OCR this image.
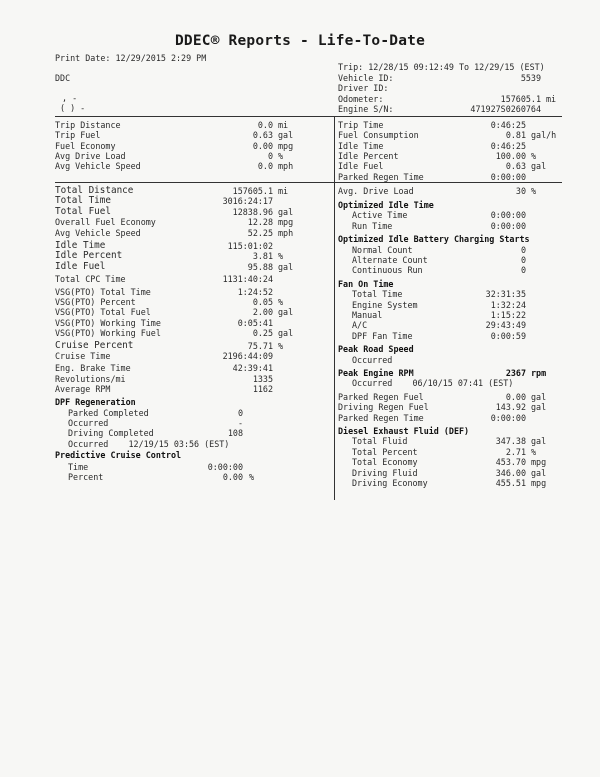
DDEC® Reports - Life-To-Date
Print Date: 12/29/2015 2:29 PM
DDC
, -
( ) -
Trip: 12/28/15 09:12:49 To 12/29/15 (EST)
Vehicle ID:	5539
Driver ID:
Odometer:	157605.1 mi
Engine S/N:	471927S0260764
Trip Distance	0.0 mi
Trip Fuel	0.63 gal
Fuel Economy	0.00 mpg
Avg Drive Load	0 %
Avg Vehicle Speed	0.0 mph
Trip Time	0:46:25
Fuel Consumption	0.81 gal/h
Idle Time	0:46:25
Idle Percent	100.00 %
Idle Fuel	0.63 gal
Parked Regen Time	0:00:00
Total Distance	157605.1 mi
Total Time	3016:24:17
Total Fuel	12838.96 gal
Overall Fuel Economy	12.28 mpg
Avg Vehicle Speed	52.25 mph
Idle Time	115:01:02
Idle Percent	3.81 %
Idle Fuel	95.88 gal
Total CPC Time	1131:40:24
VSG(PTO) Total Time	1:24:52
VSG(PTO) Percent	0.05 %
VSG(PTO) Total Fuel	2.00 gal
VSG(PTO) Working Time	0:05:41
VSG(PTO) Working Fuel	0.25 gal
Cruise Percent	75.71 %
Cruise Time	2196:44:09
Eng. Brake Time	42:39:41
Revolutions/mi	1335
Average RPM	1162
DPF Regeneration
Parked Completed	0
Occurred	-
Driving Completed	108
Occurred    12/19/15 03:56 (EST)
Predictive Cruise Control
Time	0:00:00
Percent	0.00 %
Avg. Drive Load	30 %
Optimized Idle Time
Active Time	0:00:00
Run Time	0:00:00
Optimized Idle Battery Charging Starts
Normal Count	0
Alternate Count	0
Continuous Run	0
Fan On Time
Total Time	32:31:35
Engine System	1:32:24
Manual	1:15:22
A/C	29:43:49
DPF Fan Time	0:00:59
Peak Road Speed
Occurred
Peak Engine RPM	2367 rpm
Occurred    06/10/15 07:41 (EST)
Parked Regen Fuel	0.00 gal
Driving Regen Fuel	143.92 gal
Parked Regen Time	0:00:00
Diesel Exhaust Fluid (DEF)
Total Fluid	347.38 gal
Total Percent	2.71 %
Total Economy	453.70 mpg
Driving Fluid	346.00 gal
Driving Economy	455.51 mpg
